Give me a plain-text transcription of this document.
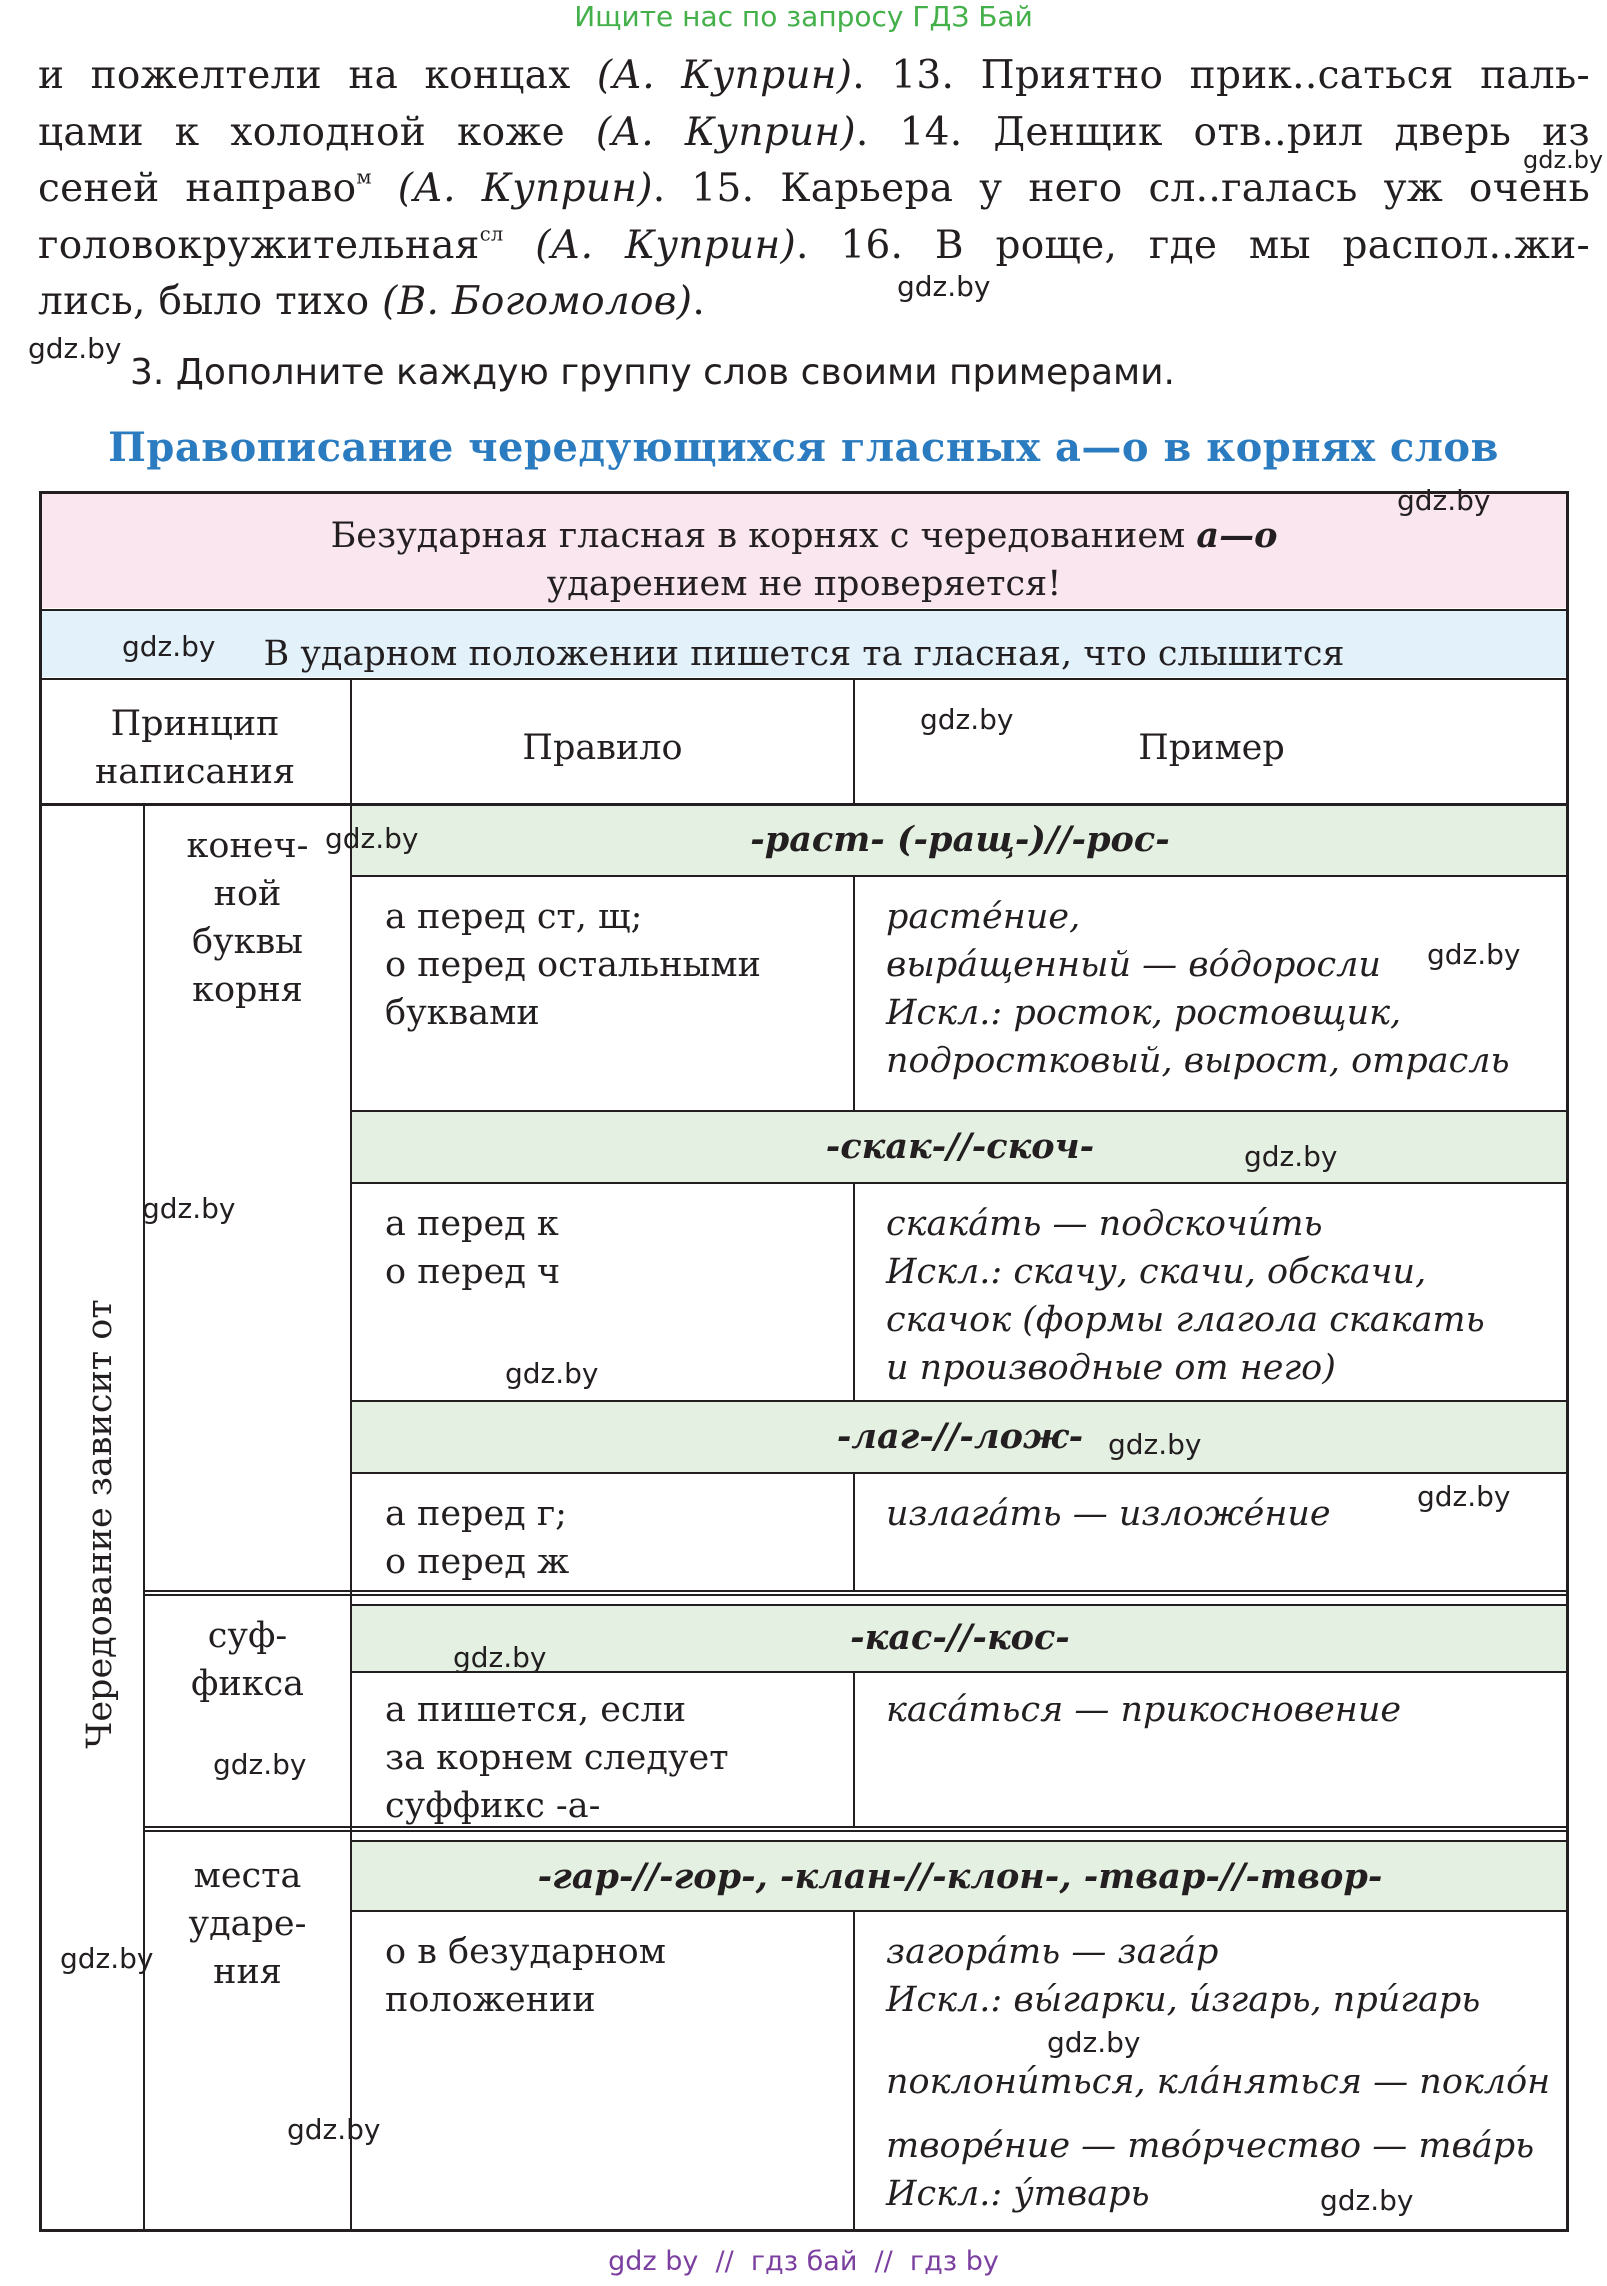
Ищите нас по запросу ГДЗ Бай
и пожелтели на концах (А. Куприн). 13. Приятно прик..саться паль-
цами к холодной коже (А. Куприн). 14. Денщик отв..рил дверь из
сеней направо$^м$ (А. Куприн). 15. Карьера у него сл..галась уж очень
головокружительная$^{сл}$ (А. Куприн). 16. В роще, где мы распол..жи-
лись, было тихо (В. Богомолов).
3. Дополните каждую группу слов своими примерами.
Правописание чередующихся гласных а—о в корнях слов
Безударная гласная в корнях с чередованием а—о
ударением не проверяется!
В ударном положении пишется та гласная, что слышится
Принцип
написания
Правило	Пример
Чередование зависит от
конеч-
ной
буквы
корня
суф-
фикса
места
ударе-
ния
-раст- (-ращ-)//-рос-
-скак-//-скоч-
-лаг-//-лож-
-кас-//-кос-
-гар-//-гор-, -клан-//-клон-, -твар-//-твор-
а перед ст, щ;
о перед остальными
буквами
а перед к
о перед ч
а перед г;
о перед ж
а пишется, если
за корнем следует
суффикс -а-
о в безударном
положении
растéние,
вырáщенный — вóдоросли
Искл.: росток, ростовщик,
подростковый, вырост, отрасль
скакáть — подскочи́ть
Искл.: скачу, скачи, обскачи,
скачок (формы глагола скакать
и производные от него)
излагáть — изложéние
касáться — прикосновение
загорáть — загáр
Искл.: вы́гарки, и́згарь, при́гарь

поклони́ться, клáняться — поклóн

творéние — твóрчество — твáрь
Искл.: у́тварь
gdz.by
gdz.by
gdz.by
gdz.by
gdz.by
gdz.by
gdz.by
gdz.by
gdz.by
gdz.by
gdz.by
gdz.by
gdz.by
gdz.by
gdz.by
gdz.by
gdz.by
gdz.by
gdz.by
gdz by  //  гдз бай  //  гдз by
